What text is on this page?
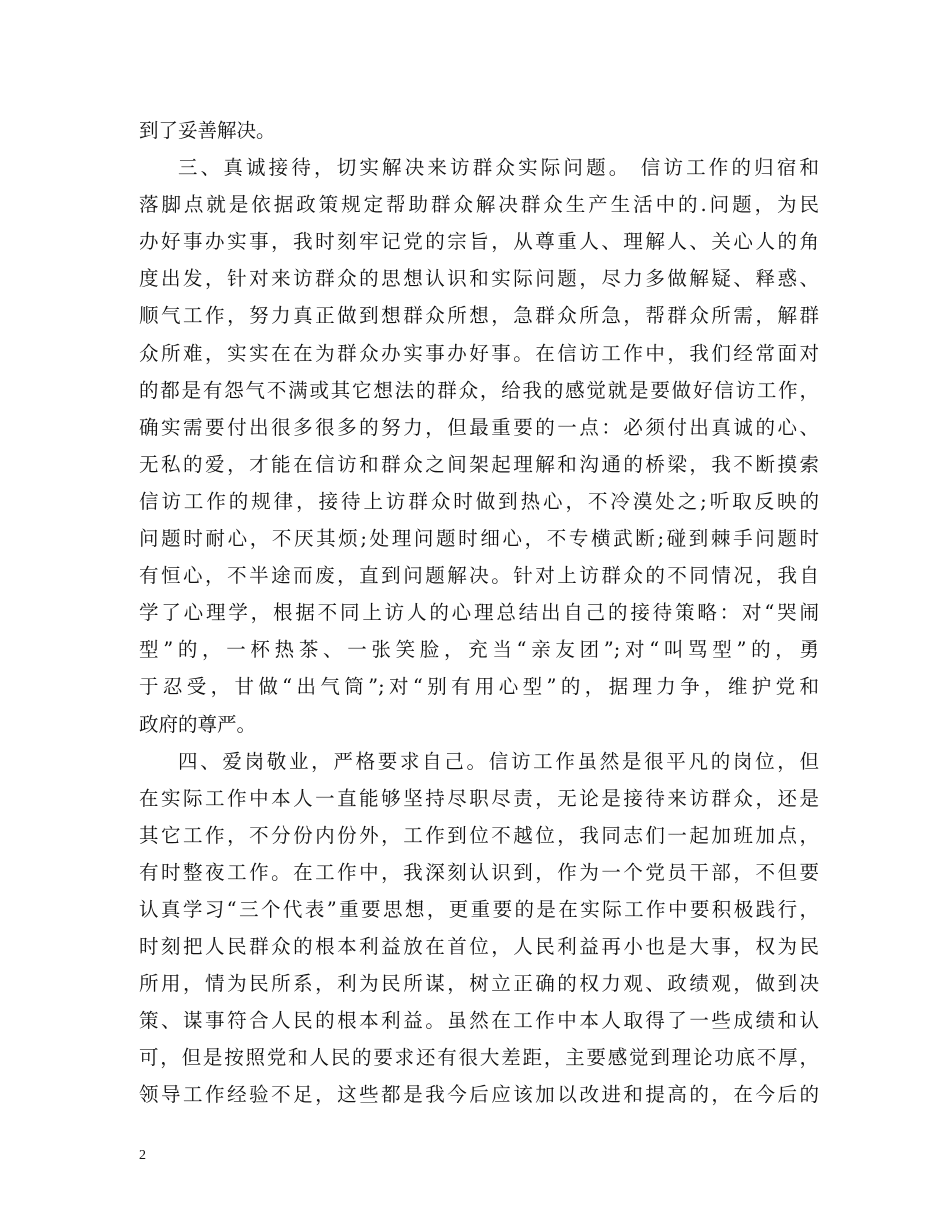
到了妥善解决。
三、真诚接待，切实解决来访群众实际问题。 信访工作的归宿和
落脚点就是依据政策规定帮助群众解决群众生产生活中的.问题，为民
办好事办实事，我时刻牢记党的宗旨，从尊重人、理解人、关心人的角
度出发，针对来访群众的思想认识和实际问题，尽力多做解疑、释惑、
顺气工作，努力真正做到想群众所想，急群众所急，帮群众所需，解群
众所难，实实在在为群众办实事办好事。在信访工作中，我们经常面对
的都是有怨气不满或其它想法的群众，给我的感觉就是要做好信访工作，
确实需要付出很多很多的努力，但最重要的一点：必须付出真诚的心、
无私的爱，才能在信访和群众之间架起理解和沟通的桥梁，我不断摸索
信访工作的规律，接待上访群众时做到热心，不冷漠处之;听取反映的
问题时耐心，不厌其烦;处理问题时细心，不专横武断;碰到棘手问题时
有恒心，不半途而废，直到问题解决。针对上访群众的不同情况，我自
学了心理学，根据不同上访人的心理总结出自己的接待策略：对“哭闹
型”的，一杯热茶、一张笑脸，充当“亲友团”;对“叫骂型”的，勇
于忍受，甘做“出气筒”;对“别有用心型”的，据理力争，维护党和
政府的尊严。
四、爱岗敬业，严格要求自己。信访工作虽然是很平凡的岗位，但
在实际工作中本人一直能够坚持尽职尽责，无论是接待来访群众，还是
其它工作，不分份内份外，工作到位不越位，我同志们一起加班加点，
有时整夜工作。在工作中，我深刻认识到，作为一个党员干部，不但要
认真学习“三个代表”重要思想，更重要的是在实际工作中要积极践行，
时刻把人民群众的根本利益放在首位，人民利益再小也是大事，权为民
所用，情为民所系，利为民所谋，树立正确的权力观、政绩观，做到决
策、谋事符合人民的根本利益。虽然在工作中本人取得了一些成绩和认
可，但是按照党和人民的要求还有很大差距，主要感觉到理论功底不厚，
领导工作经验不足，这些都是我今后应该加以改进和提高的，在今后的
2
